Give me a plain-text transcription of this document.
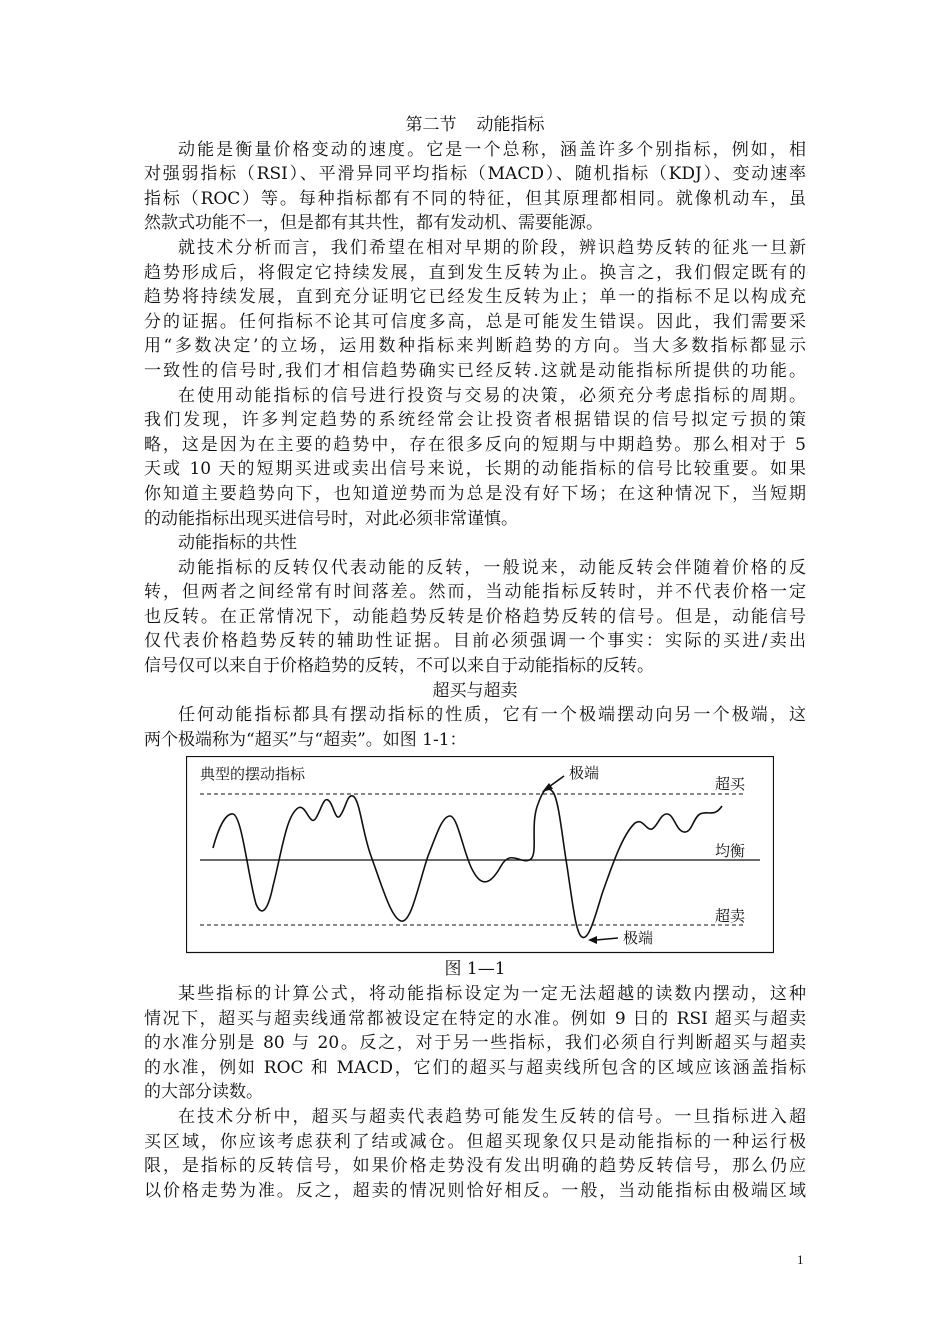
第二节 动能指标
动能是衡量价格变动的速度。它是一个总称，涵盖许多个别指标，例如，相
对强弱指标（RSI）、平滑异同平均指标（MACD）、随机指标（KDJ）、变动速率
指标（ROC）等。每种指标都有不同的特征，但其原理都相同。就像机动车，虽
然款式功能不一，但是都有其共性，都有发动机、需要能源。
就技术分析而言，我们希望在相对早期的阶段，辨识趋势反转的征兆一旦新
趋势形成后，将假定它持续发展，直到发生反转为止。换言之，我们假定既有的
趋势将持续发展，直到充分证明它已经发生反转为止；单一的指标不足以构成充
分的证据。任何指标不论其可信度多高，总是可能发生错误。因此，我们需要采
用“多数决定’的立场，运用数种指标来判断趋势的方向。当大多数指标都显示
一致性的信号时,我们才相信趋势确实已经反转.这就是动能指标所提供的功能。
在使用动能指标的信号进行投资与交易的决策，必须充分考虑指标的周期。
我们发现，许多判定趋势的系统经常会让投资者根据错误的信号拟定亏损的策
略，这是因为在主要的趋势中，存在很多反向的短期与中期趋势。那么相对于 5
天或 10 天的短期买进或卖出信号来说，长期的动能指标的信号比较重要。如果
你知道主要趋势向下，也知道逆势而为总是没有好下场；在这种情况下，当短期
的动能指标出现买进信号时，对此必须非常谨慎。
动能指标的共性
动能指标的反转仅代表动能的反转，一般说来，动能反转会伴随着价格的反
转，但两者之间经常有时间落差。然而，当动能指标反转时，并不代表价格一定
也反转。在正常情况下，动能趋势反转是价格趋势反转的信号。但是，动能信号
仅代表价格趋势反转的辅助性证据。目前必须强调一个事实：实际的买进/卖出
信号仅可以来自于价格趋势的反转，不可以来自于动能指标的反转。
超买与超卖
任何动能指标都具有摆动指标的性质，它有一个极端摆动向另一个极端，这
两个极端称为“超买”与“超卖”。如图 1-1：
典型的摆动指标	极端
超买
均衡
超卖
极端
图 1—1
某些指标的计算公式，将动能指标设定为一定无法超越的读数内摆动，这种
情况下，超买与超卖线通常都被设定在特定的水准。例如 9 日的 RSI 超买与超卖
的水准分别是 80 与 20。反之，对于另一些指标，我们必须自行判断超买与超卖
的水准，例如 ROC 和 MACD，它们的超买与超卖线所包含的区域应该涵盖指标
的大部分读数。
在技术分析中，超买与超卖代表趋势可能发生反转的信号。一旦指标进入超
买区域，你应该考虑获利了结或减仓。但超买现象仅只是动能指标的一种运行极
限，是指标的反转信号，如果价格走势没有发出明确的趋势反转信号，那么仍应
以价格走势为准。反之，超卖的情况则恰好相反。一般，当动能指标由极端区域
1
